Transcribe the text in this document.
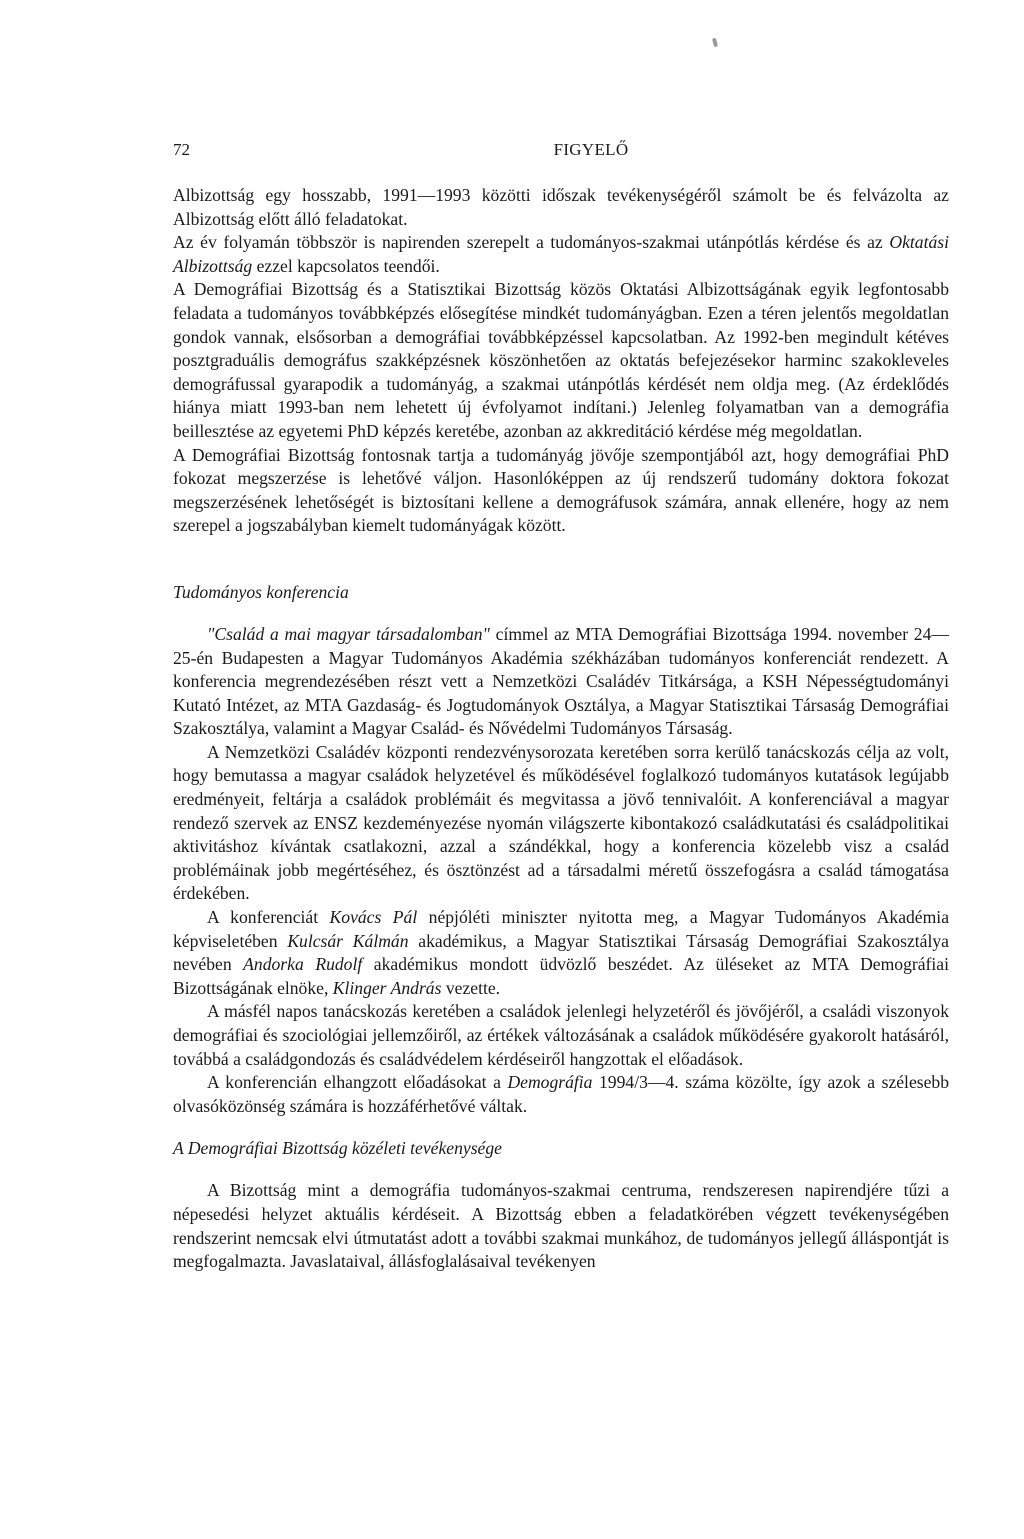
72	FIGYELŐ

Albizottság egy hosszabb, 1991—1993 közötti időszak tevékenységéről számolt be és felvázolta az Albizottság előtt álló feladatokat.

Az év folyamán többször is napirenden szerepelt a tudományos-szakmai utánpótlás kérdése és az Oktatási Albizottság ezzel kapcsolatos teendői.

A Demográfiai Bizottság és a Statisztikai Bizottság közös Oktatási Albizottságának egyik legfontosabb feladata a tudományos továbbképzés elősegítése mindkét tudományágban. Ezen a téren jelentős megoldatlan gondok vannak, elsősorban a demográfiai továbbképzéssel kapcsolatban. Az 1992-ben megindult kétéves posztgraduális demográfus szakképzésnek köszönhetően az oktatás befejezésekor harminc szakokleveles demográfussal gyarapodik a tudományág, a szakmai utánpótlás kérdését nem oldja meg. (Az érdeklődés hiánya miatt 1993-ban nem lehetett új évfolyamot indítani.) Jelenleg folyamatban van a demográfia beillesztése az egyetemi PhD képzés keretébe, azonban az akkreditáció kérdése még megoldatlan.

A Demográfiai Bizottság fontosnak tartja a tudományág jövője szempontjából azt, hogy demográfiai PhD fokozat megszerzése is lehetővé váljon. Hasonlóképpen az új rendszerű tudomány doktora fokozat megszerzésének lehetőségét is biztosítani kellene a demográfusok számára, annak ellenére, hogy az nem szerepel a jogszabályban kiemelt tudományágak között.

Tudományos konferencia

"Család a mai magyar társadalomban" címmel az MTA Demográfiai Bizottsága 1994. november 24—25-én Budapesten a Magyar Tudományos Akadémia székházában tudományos konferenciát rendezett. A konferencia megrendezésében részt vett a Nemzetközi Családév Titkársága, a KSH Népességtudományi Kutató Intézet, az MTA Gazdaság- és Jogtudományok Osztálya, a Magyar Statisztikai Társaság Demográfiai Szakosztálya, valamint a Magyar Család- és Nővédelmi Tudományos Társaság.

A Nemzetközi Családév központi rendezvénysorozata keretében sorra kerülő tanácskozás célja az volt, hogy bemutassa a magyar családok helyzetével és működésével foglalkozó tudományos kutatások legújabb eredményeit, feltárja a családok problémáit és megvitassa a jövő tennivalóit. A konferenciával a magyar rendező szervek az ENSZ kezdeményezése nyomán világszerte kibontakozó családkutatási és családpolitikai aktivitáshoz kívántak csatlakozni, azzal a szándékkal, hogy a konferencia közelebb visz a család problémáinak jobb megértéséhez, és ösztönzést ad a társadalmi méretű összefogásra a család támogatása érdekében.

A konferenciát Kovács Pál népjóléti miniszter nyitotta meg, a Magyar Tudományos Akadémia képviseletében Kulcsár Kálmán akadémikus, a Magyar Statisztikai Társaság Demográfiai Szakosztálya nevében Andorka Rudolf akadémikus mondott üdvözlő beszédet. Az üléseket az MTA Demográfiai Bizottságának elnöke, Klinger András vezette.

A másfél napos tanácskozás keretében a családok jelenlegi helyzetéről és jövőjéről, a családi viszonyok demográfiai és szociológiai jellemzőiről, az értékek változásának a családok működésére gyakorolt hatásáról, továbbá a családgondozás és családvédelem kérdéseiről hangzottak el előadások.

A konferencián elhangzott előadásokat a Demográfia 1994/3—4. száma közölte, így azok a szélesebb olvasóközönség számára is hozzáférhetővé váltak.

A Demográfiai Bizottság közéleti tevékenysége

A Bizottság mint a demográfia tudományos-szakmai centruma, rendszeresen napirendjére tűzi a népesedési helyzet aktuális kérdéseit. A Bizottság ebben a feladatkörében végzett tevékenységében rendszerint nemcsak elvi útmutatást adott a további szakmai munkához, de tudományos jellegű álláspontját is megfogalmazta. Javaslataival, állásfoglalásaival tevékenyen
